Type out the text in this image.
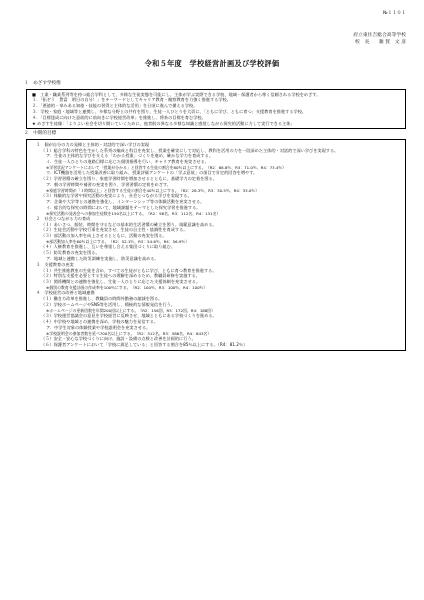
№１１０１
府立東住吉総合高等学校
校　長　　雑 賀　文 彦
令和５年度　学校経営計画及び学校評価
１　めざす学校像
■　工業・職業系列等を持つ総合学科として、多様な生徒実態を可能にし、主体が学ぶ実際できる学校、地域・保護者から尊く信頼される学校をめざす。
１．「拓ぞう　豊富　明日の自分！」をキーワードとしてキャリア教育・観察教育を力強く推進する学校。
２．「悪徳的・奉みある知徳・技能の習得と主体的な活用」を日頃に進んで備える学校。
３．学校・家庭・地域等と連携し、多様な分野との共有を図り、生徒一人ひとりを大切に、「ともに学び、ともに育つ」支援教育を推進する学校。
４．「目標達成に向けた意欲的に前向きに学校経営改革」を推進し、将来の目標を育む学校。
★ めざす生徒像：「よりよい社会を切り開いていくために、他者般の異なる多様な知識と感覚しながら探究的活動に力して実行できる主体」
２　中期的目標
１　個が自分の力の発揮と主体的・対話的で深い学びの実現
（１）総合学科の特色を生かした系列の編成と科目を充実し、授業を確実にして対応し、教科を活用の力を一段深めた主体的・対話的で深い学びを実現する。
ア．生徒の主体的な学びを支える「わかる授業」づくりを進め、確かな学力を育成する。
イ．生徒一人ひとりの進路目標に応じた個別指導を行い、キャリア教育を充実させる。
※学習状況アンケートにおいて「授業が分かる」と回答する生徒の割合を80％以上にする。（R2：68.8％、R3：71.0％、R4：73.4％）
ウ．ICT機器を活用した授業改善に取り組み、授業評価アンケートの「学ぶ意欲」の項目で肯定的回答を増やす。
（２）学習習慣の確立を図り、家庭学習時間を増加させるとともに、基礎学力の定着を図る。
ア．朝の学習時間や補習の充実を図り、学習習慣の定着をめざす。
※家庭学習時間が「１時間以上」と回答する生徒の割合を40％以上にする。（R2：28.3％、R3：30.5％、R4：33.0％）
（３）体験的な学習や探究活動の充実により、社会とつながる学びを実現する。
ア．企業や大学等との連携を強化し、インターンシップ等の体験活動を充実させる。
イ．総合的な探究の時間において、地域課題をテーマとした探究学習を推進する。
※探究活動の発表会への参加生徒数を150名以上にする。（R2：98名、R3：112名、R4：131名）
２　社会とつながる力の育成
（１）あいさつ、服装、時間を守るなどの基本的生活習慣の確立を図り、規範意識を高める。
（２）生徒会活動や学校行事を充実させ、生徒の自主性・協調性を育成する。
（３）部活動の加入率を向上させるとともに、活動の充実を図る。
※部活動加入率を60％以上にする。（R2：52.1％、R3：54.6％、R4：56.9％）
（４）人権教育を推進し、互いを尊重し合える集団づくりに取り組む。
（５）防災教育の充実を図る。
ア．地域と連携した防災訓練を実施し、防災意識を高める。
３　支援教育の充実
（１）共生推進教室の生徒を含め、すべての生徒がともに学び、ともに育つ教育を推進する。
（２）特別な支援を必要とする生徒への理解を深めるため、教職員研修を実施する。
（３）関係機関との連携を強化し、生徒一人ひとりに応じた支援体制を充実させる。
※個別の教育支援計画の作成率を100％にする。（R2：100％、R3：100％、R4：100％）
４　学校経営の改善と地域連携
（１）働き方改革を推進し、教職員の時間外勤務の縮減を図る。
（２）学校ホームページやSNS等を活用し、積極的な情報発信を行う。
※ホームページの更新回数を年間200回以上にする。（R2：156回、R3：172回、R4：188回）
（３）学校運営協議会の意見を学校経営に反映させ、地域とともにある学校づくりを進める。
（４）中学校や地域との連携を深め、学校の魅力を発信する。
ア．中学生対象の体験授業や学校説明会を充実させる。
※学校説明会の参加者数を延べ700名以上にする。（R2：512名、R3：586名、R4：643名）
（５）安全・安心な学校づくりに向け、施設・設備の点検と改善を計画的に行う。
（６）保護者アンケートにおいて「学校に満足している」と回答する割合を85％以上にする。（R4：81.2％）
